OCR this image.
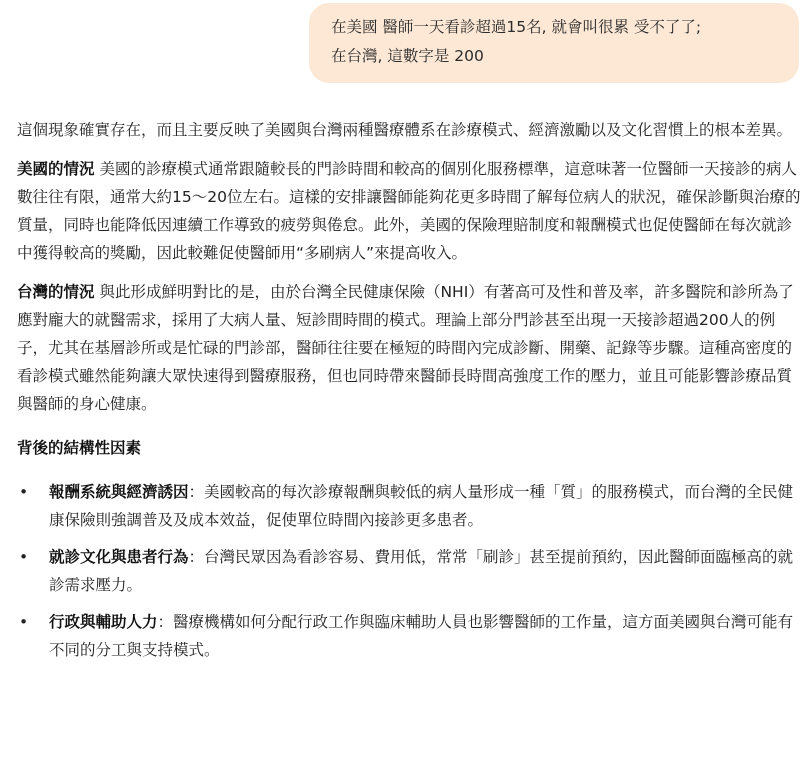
在美國 醫師一天看診超過15名, 就會叫很累 受不了了;

在台灣, 這數字是 200

這個現象確實存在，而且主要反映了美國與台灣兩種醫療體系在診療模式、經濟激勵以及文化習慣上的根本差異。

美國的情況 美國的診療模式通常跟隨較長的門診時間和較高的個別化服務標準，這意味著一位醫師一天接診的病人數往往有限，通常大約15～20位左右。這樣的安排讓醫師能夠花更多時間了解每位病人的狀況，確保診斷與治療的質量，同時也能降低因連續工作導致的疲勞與倦怠。此外，美國的保險理賠制度和報酬模式也促使醫師在每次就診中獲得較高的獎勵，因此較難促使醫師用“多刷病人”來提高收入。

台灣的情況 與此形成鮮明對比的是，由於台灣全民健康保險（NHI）有著高可及性和普及率，許多醫院和診所為了應對龐大的就醫需求，採用了大病人量、短診間時間的模式。理論上部分門診甚至出現一天接診超過200人的例子，尤其在基層診所或是忙碌的門診部，醫師往往要在極短的時間內完成診斷、開藥、記錄等步驟。這種高密度的看診模式雖然能夠讓大眾快速得到醫療服務，但也同時帶來醫師長時間高強度工作的壓力，並且可能影響診療品質與醫師的身心健康。

背後的結構性因素

• 報酬系統與經濟誘因：美國較高的每次診療報酬與較低的病人量形成一種「質」的服務模式，而台灣的全民健康保險則強調普及及成本效益，促使單位時間內接診更多患者。
• 就診文化與患者行為：台灣民眾因為看診容易、費用低，常常「刷診」甚至提前預約，因此醫師面臨極高的就診需求壓力。
• 行政與輔助人力：醫療機構如何分配行政工作與臨床輔助人員也影響醫師的工作量，這方面美國與台灣可能有不同的分工與支持模式。
